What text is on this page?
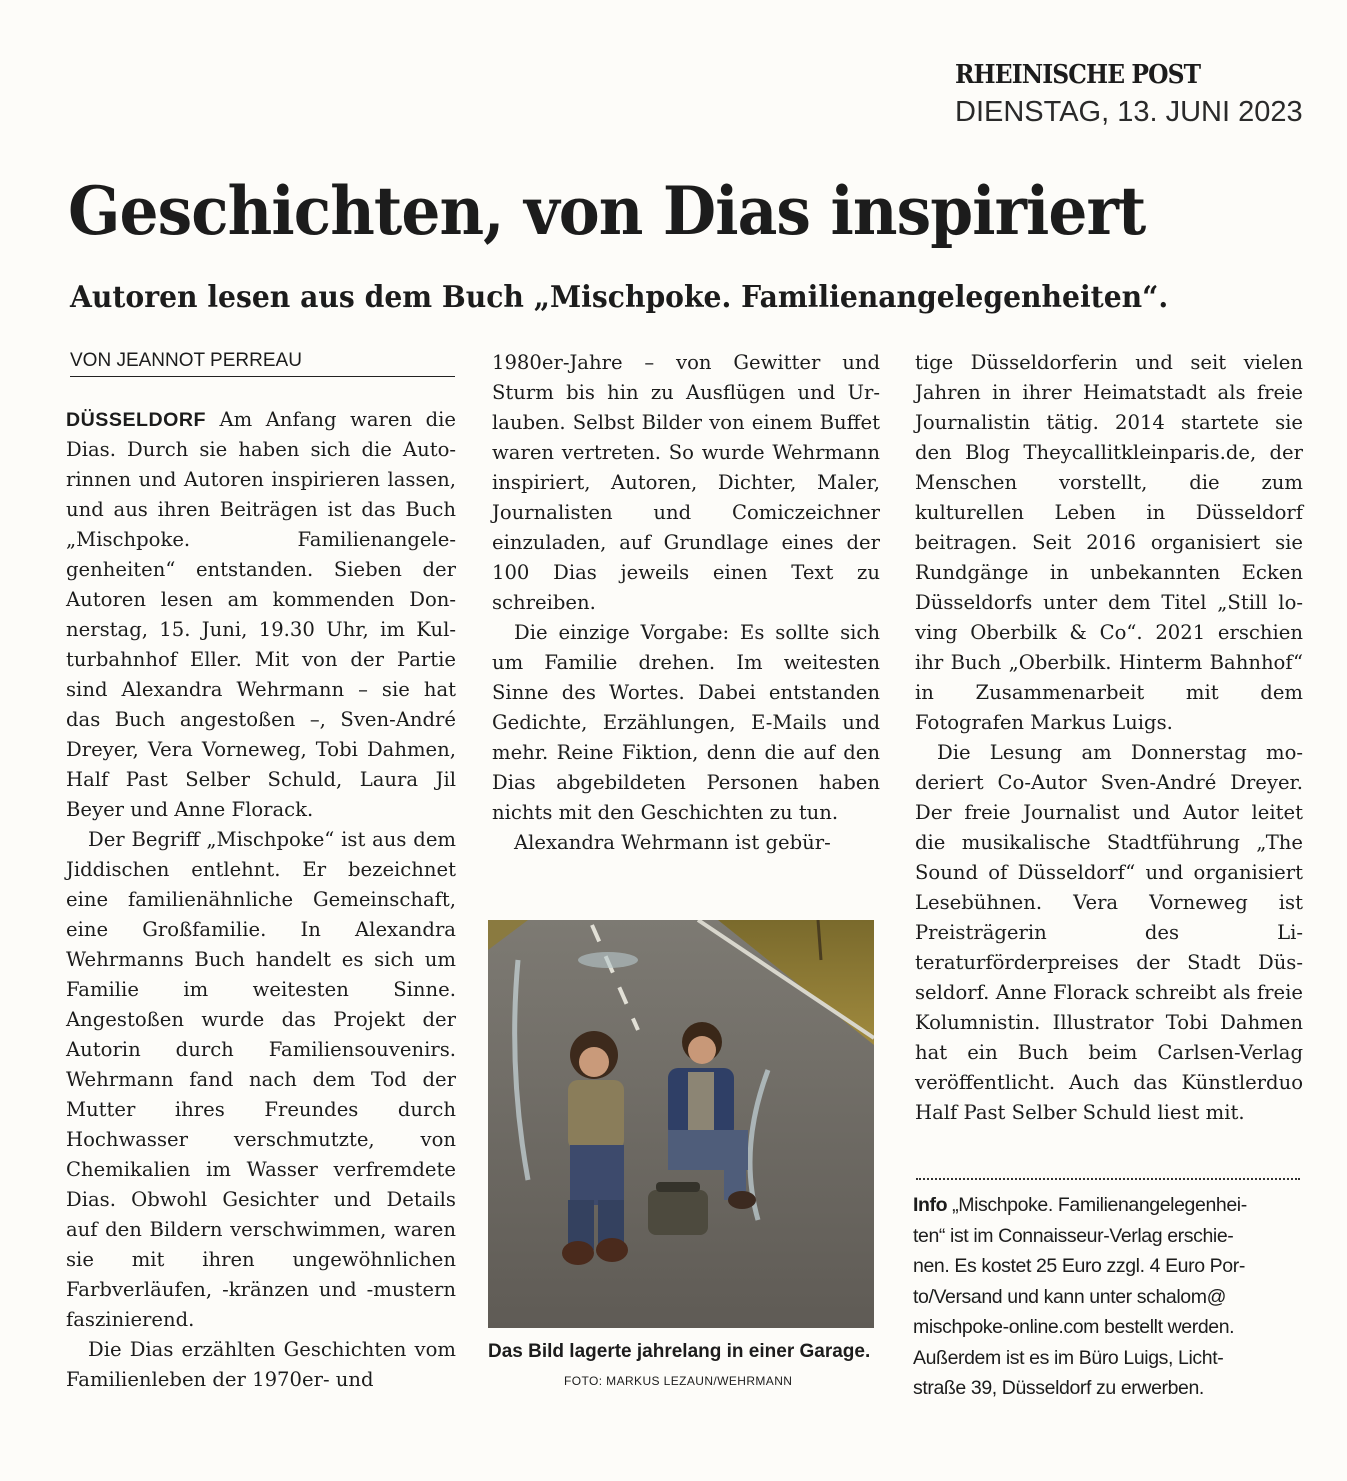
RHEINISCHE POST
DIENSTAG, 13. JUNI 2023
Geschichten, von Dias inspiriert
Autoren lesen aus dem Buch „Mischpoke. Familienangelegenheiten“.
VON JEANNOT PERREAU

DÜSSELDORF Am Anfang waren die Dias. Durch sie haben sich die Autorinnen und Autoren inspirieren lassen, und aus ihren Beiträgen ist das Buch „Mischpoke. Familienangelegenheiten“ entstanden. Sieben der Autoren lesen am kommenden Donnerstag, 15. Juni, 19.30 Uhr, im Kulturbahnhof Eller. Mit von der Partie sind Alexandra Wehrmann – sie hat das Buch angestoßen –, Sven-André Dreyer, Vera Vorneweg, Tobi Dahmen, Half Past Selber Schuld, Laura Jil Beyer und Anne Florack.

Der Begriff „Mischpoke“ ist aus dem Jiddischen entlehnt. Er bezeichnet eine familienähnliche Gemeinschaft, eine Großfamilie. In Alexandra Wehrmanns Buch handelt es sich um Familie im weitesten Sinne. Angestoßen wurde das Projekt der Autorin durch Familiensouvenirs. Wehrmann fand nach dem Tod der Mutter ihres Freundes durch Hochwasser verschmutzte, von Chemikalien im Wasser verfremdete Dias. Obwohl Gesichter und Details auf den Bildern verschwimmen, waren sie mit ihren ungewöhnlichen Farbverläufen, -kränzen und -mustern faszinierend.

Die Dias erzählten Geschichten vom Familienleben der 1970er- und

1980er-Jahre – von Gewitter und Sturm bis hin zu Ausflügen und Urlauben. Selbst Bilder von einem Buffet waren vertreten. So wurde Wehrmann inspiriert, Autoren, Dichter, Maler, Journalisten und Comiczeichner einzuladen, auf Grundlage eines der 100 Dias jeweils einen Text zu schreiben.

Die einzige Vorgabe: Es sollte sich um Familie drehen. Im weitesten Sinne des Wortes. Dabei entstanden Gedichte, Erzählungen, E-Mails und mehr. Reine Fiktion, denn die auf den Dias abgebildeten Personen haben nichts mit den Geschichten zu tun.

Alexandra Wehrmann ist gebür-

Das Bild lagerte jahrelang in einer Garage. FOTO: MARKUS LEZAUN/WEHRMANN

tige Düsseldorferin und seit vielen Jahren in ihrer Heimatstadt als freie Journalistin tätig. 2014 startete sie den Blog Theycallitkleinparis.de, der Menschen vorstellt, die zum kulturellen Leben in Düsseldorf beitragen. Seit 2016 organisiert sie Rundgänge in unbekannten Ecken Düsseldorfs unter dem Titel „Still loving Oberbilk & Co“. 2021 erschien ihr Buch „Oberbilk. Hinterm Bahnhof“ in Zusammenarbeit mit dem Fotografen Markus Luigs.

Die Lesung am Donnerstag moderiert Co-Autor Sven-André Dreyer. Der freie Journalist und Autor leitet die musikalische Stadtführung „The Sound of Düsseldorf“ und organisiert Lesebühnen. Vera Vorneweg ist Preisträgerin des Literaturförderpreises der Stadt Düsseldorf. Anne Florack schreibt als freie Kolumnistin. Illustrator Tobi Dahmen hat ein Buch beim Carlsen-Verlag veröffentlicht. Auch das Künstlerduo Half Past Selber Schuld liest mit.

Info „Mischpoke. Familienangelegenhei-
ten“ ist im Connaisseur-Verlag erschie-
nen. Es kostet 25 Euro zzgl. 4 Euro Por-
to/Versand und kann unter schalom@
mischpoke-online.com bestellt werden.
Außerdem ist es im Büro Luigs, Licht-
straße 39, Düsseldorf zu erwerben.
